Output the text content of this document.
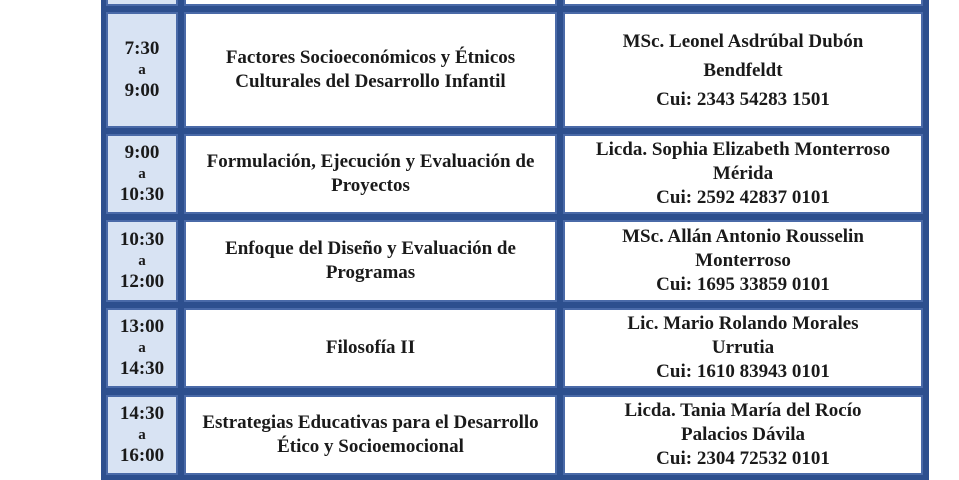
7:30
a
9:00
Factores Socioeconómicos y Étnicos Culturales del Desarrollo Infantil
MSc. Leonel Asdrúbal Dubón
Bendfeldt
Cui: 2343 54283 1501
9:00
a
10:30
Formulación, Ejecución y Evaluación de Proyectos
Licda. Sophia Elizabeth Monterroso
Mérida
Cui: 2592 42837 0101
10:30
a
12:00
Enfoque del Diseño y Evaluación de Programas
MSc. Allán Antonio Rousselin
Monterroso
Cui: 1695 33859 0101
13:00
a
14:30
Filosofía II
Lic. Mario Rolando Morales
Urrutia
Cui: 1610 83943 0101
14:30
a
16:00
Estrategias Educativas para el Desarrollo Ético y Socioemocional
Licda. Tania María del Rocío
Palacios Dávila
Cui: 2304 72532 0101
